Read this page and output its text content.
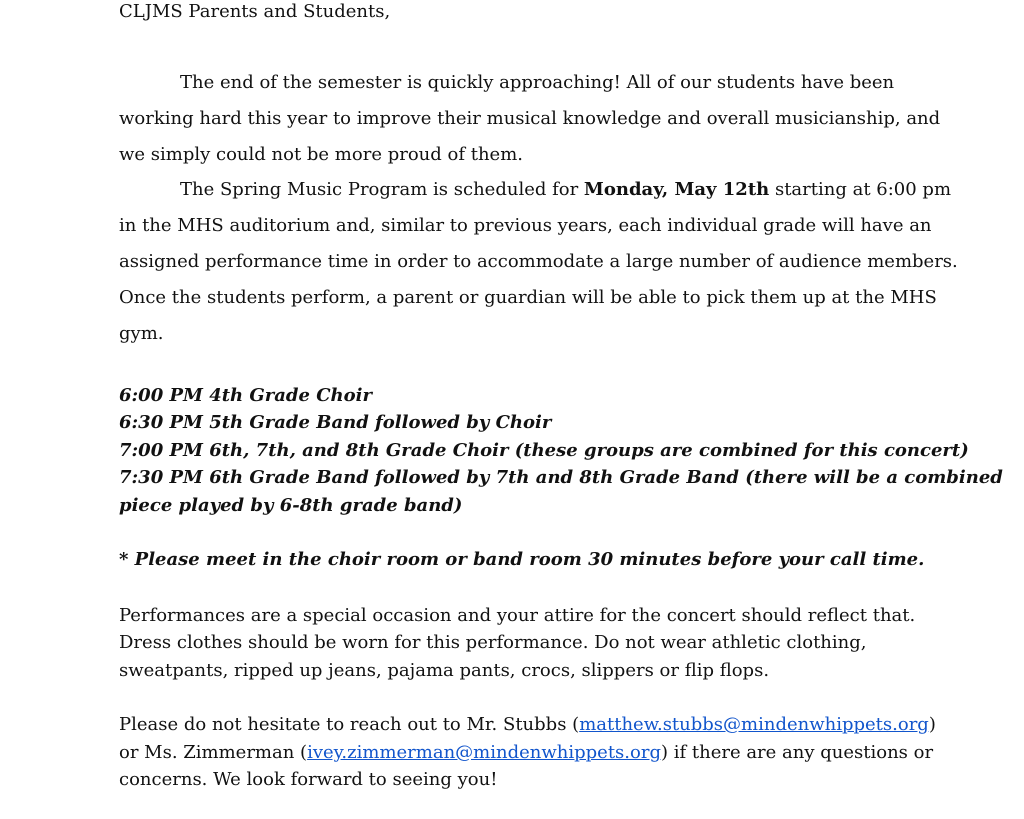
CLJMS Parents and Students,
The end of the semester is quickly approaching! All of our students have been
working hard this year to improve their musical knowledge and overall musicianship, and
we simply could not be more proud of them.
The Spring Music Program is scheduled for Monday, May 12th starting at 6:00 pm
in the MHS auditorium and, similar to previous years, each individual grade will have an
assigned performance time in order to accommodate a large number of audience members.
Once the students perform, a parent or guardian will be able to pick them up at the MHS
gym.
6:00 PM 4th Grade Choir
6:30 PM 5th Grade Band followed by Choir
7:00 PM 6th, 7th, and 8th Grade Choir (these groups are combined for this concert)
7:30 PM 6th Grade Band followed by 7th and 8th Grade Band (there will be a combined
piece played by 6-8th grade band)
* Please meet in the choir room or band room 30 minutes before your call time.
Performances are a special occasion and your attire for the concert should reflect that.
Dress clothes should be worn for this performance. Do not wear athletic clothing,
sweatpants, ripped up jeans, pajama pants, crocs, slippers or flip flops.
Please do not hesitate to reach out to Mr. Stubbs (matthew.stubbs@mindenwhippets.org)
or Ms. Zimmerman (ivey.zimmerman@mindenwhippets.org) if there are any questions or
concerns. We look forward to seeing you!
